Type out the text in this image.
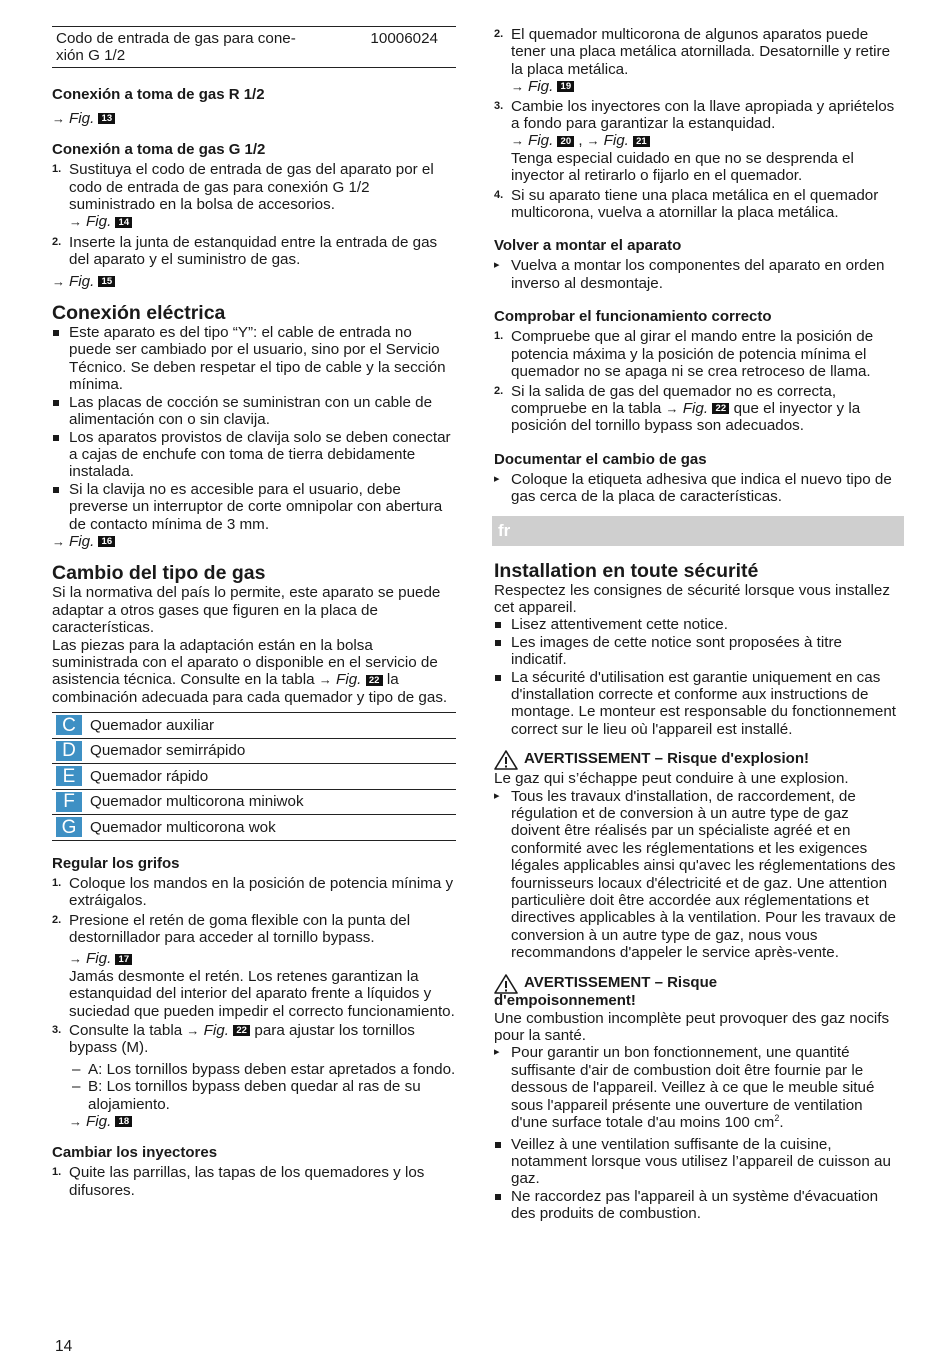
Codo de entrada de gas para cone-
xión G 1/2
10006024
Conexión a toma de gas R 1/2
→ Fig. 13
Conexión a toma de gas G 1/2
1. Sustituya el codo de entrada de gas del aparato por el codo de entrada de gas para conexión G 1/2 suministrado en la bolsa de accesorios.

→ Fig. 14
2. Inserte la junta de estanquidad entre la entrada de gas del aparato y el suministro de gas.
→ Fig. 15
Conexión eléctrica
Este aparato es del tipo “Y”: el cable de entrada no puede ser cambiado por el usuario, sino por el Servicio Técnico. Se deben respetar el tipo de cable y la sección mínima.
Las placas de cocción se suministran con un cable de alimentación con o sin clavija.
Los aparatos provistos de clavija solo se deben conectar a cajas de enchufe con toma de tierra debidamente instalada.
Si la clavija no es accesible para el usuario, debe preverse un interruptor de corte omnipolar con abertura de contacto mínima de 3 mm.
→ Fig. 16
Cambio del tipo de gas

Si la normativa del país lo permite, este aparato se puede adaptar a otros gases que figuren en la placa de características.

Las piezas para la adaptación están en la bolsa suministrada con el aparato o disponible en el servicio de asistencia técnica. Consulte en la tabla → Fig. 22 la combinación adecuada para cada quemador y tipo de gas.

C Quemador auxiliar
D Quemador semirrápido
E Quemador rápido
F	Quemador multicorona miniwok
G Quemador multicorona wok
Regular los grifos
1. Coloque los mandos en la posición de potencia mínima y extráigalos.
2. Presione el retén de goma flexible con la punta del destornillador para acceder al tornillo bypass.

→ Fig. 17

Jamás desmonte el retén. Los retenes garantizan la estanquidad del interior del aparato frente a líquidos y suciedad que pueden impedir el correcto funcionamiento.
3. Consulte la tabla → Fig. 22 para ajustar los tornillos bypass (M).
– A: Los tornillos bypass deben estar apretados a fondo.
– B: Los tornillos bypass deben quedar al ras de su alojamiento.
→ Fig. 18
Cambiar los inyectores
1. Quite las parrillas, las tapas de los quemadores y los difusores.
2. El quemador multicorona de algunos aparatos puede tener una placa metálica atornillada. Desatornille y retire la placa metálica.

→ Fig. 19
3. Cambie los inyectores con la llave apropiada y apriételos a fondo para garantizar la estanquidad.

→ Fig. 20 , → Fig. 21

Tenga especial cuidado en que no se desprenda el inyector al retirarlo o fijarlo en el quemador.
4. Si su aparato tiene una placa metálica en el quemador multicorona, vuelva a atornillar la placa metálica.
Volver a montar el aparato
▸ Vuelva a montar los componentes del aparato en orden inverso al desmontaje.
Comprobar el funcionamiento correcto
1. Compruebe que al girar el mando entre la posición de potencia máxima y la posición de potencia mínima el quemador no se apaga ni se crea retroceso de llama.
2. Si la salida de gas del quemador no es correcta, compruebe en la tabla → Fig. 22 que el inyector y la posición del tornillo bypass son adecuados.
Documentar el cambio de gas
▸ Coloque la etiqueta adhesiva que indica el nuevo tipo de gas cerca de la placa de características.
fr
Installation en toute sécurité

Respectez les consignes de sécurité lorsque vous installez cet appareil.

Lisez attentivement cette notice.
Les images de cette notice sont proposées à titre indicatif.
La sécurité d'utilisation est garantie uniquement en cas d'installation correcte et conforme aux instructions de montage. Le monteur est responsable du fonctionnement correct sur le lieu où l'appareil est installé.
AVERTISSEMENT – Risque d'explosion!

Le gaz qui s’échappe peut conduire à une explosion.

▸ Tous les travaux d'installation, de raccordement, de régulation et de conversion à un autre type de gaz doivent être réalisés par un spécialiste agréé et en conformité avec les réglementations et les exigences légales applicables ainsi qu'avec les réglementations des fournisseurs locaux d'électricité et de gaz. Une attention particulière doit être accordée aux réglementations et directives applicables à la ventilation. Pour les travaux de conversion à un autre type de gaz, nous vous recommandons d'appeler le service après-vente.
AVERTISSEMENT – Risque
d'empoisonnement!

Une combustion incomplète peut provoquer des gaz nocifs pour la santé.

▸ Pour garantir un bon fonctionnement, une quantité suffisante d'air de combustion doit être fournie par le dessous de l'appareil. Veillez à ce que le meuble situé sous l'appareil présente une ouverture de ventilation d'une surface totale d'au moins 100 $cm^2$.
Veillez à une ventilation suffisante de la cuisine, notamment lorsque vous utilisez l’appareil de cuisson au gaz.
Ne raccordez pas l'appareil à un système d'évacuation des produits de combustion.
14
